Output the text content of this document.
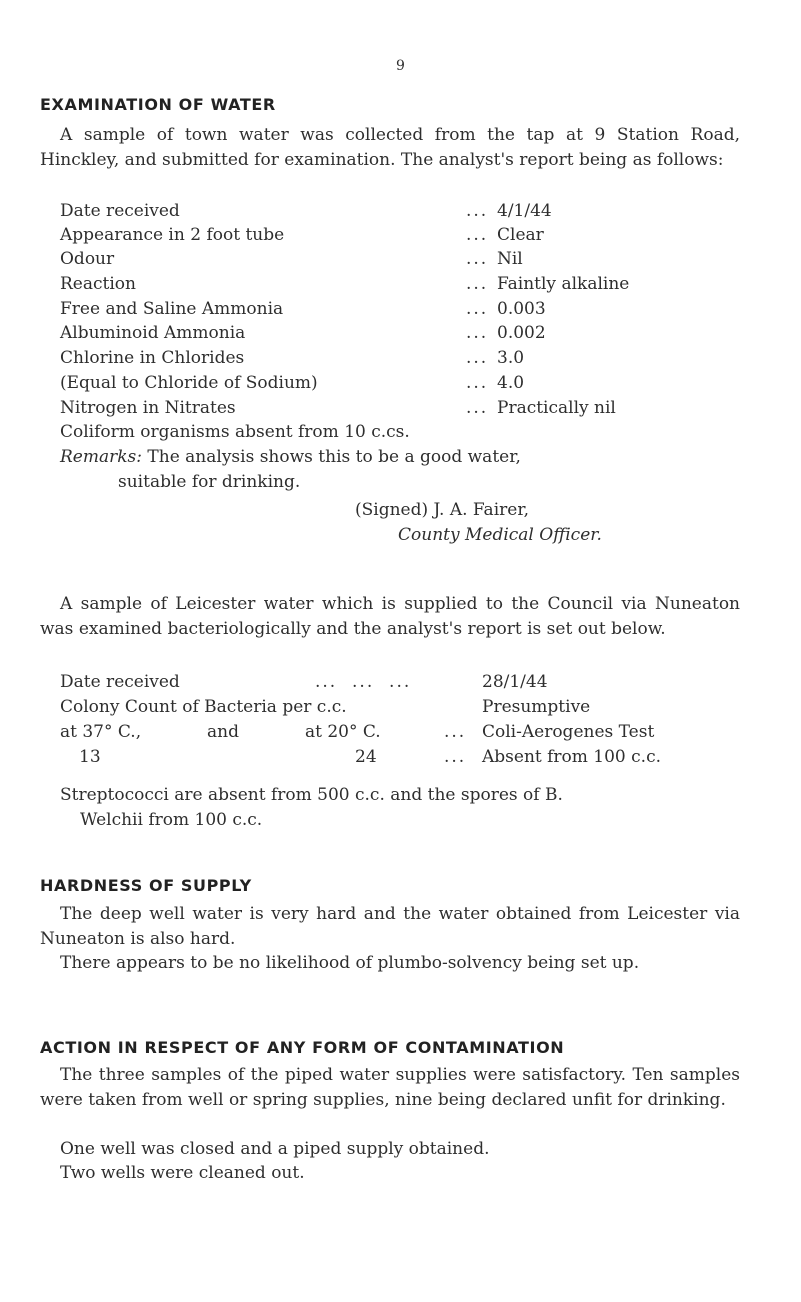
9
EXAMINATION OF WATER
A sample of town water was collected from the tap at 9 Station Road, Hinckley, and submitted for examination. The analyst's report being as follows:
Date received	... 4/1/44
Appearance in 2 foot tube	... Clear
Odour	... Nil
Reaction	... Faintly alkaline
Free and Saline Ammonia	... 0.003
Albuminoid Ammonia	... 0.002
Chlorine in Chlorides	... 3.0
(Equal to Chloride of Sodium)	... 4.0
Nitrogen in Nitrates	... Practically nil
Coliform organisms absent from 10 c.cs.
Remarks: The analysis shows this to be a good water,
suitable for drinking.
(Signed) J. A. Fairer,
County Medical Officer.
A sample of Leicester water which is supplied to the Council via Nuneaton was examined bacteriologically and the analyst's report is set out below.
Date received	...  ...  ...	28/1/44
Colony Count of Bacteria per c.c.	Presumptive
at 37° C.,	and	at 20° C.	... Coli-Aerogenes Test
13	24	... Absent from 100 c.c.
Streptococci are absent from 500 c.c. and the spores of B.
Welchii from 100 c.c.
HARDNESS OF SUPPLY
The deep well water is very hard and the water obtained from Leicester via Nuneaton is also hard.
There appears to be no likelihood of plumbo-solvency being set up.
ACTION IN RESPECT OF ANY FORM OF CONTAMINATION
The three samples of the piped water supplies were satisfactory. Ten samples were taken from well or spring supplies, nine being declared unfit for drinking.
One well was closed and a piped supply obtained.
Two wells were cleaned out.
